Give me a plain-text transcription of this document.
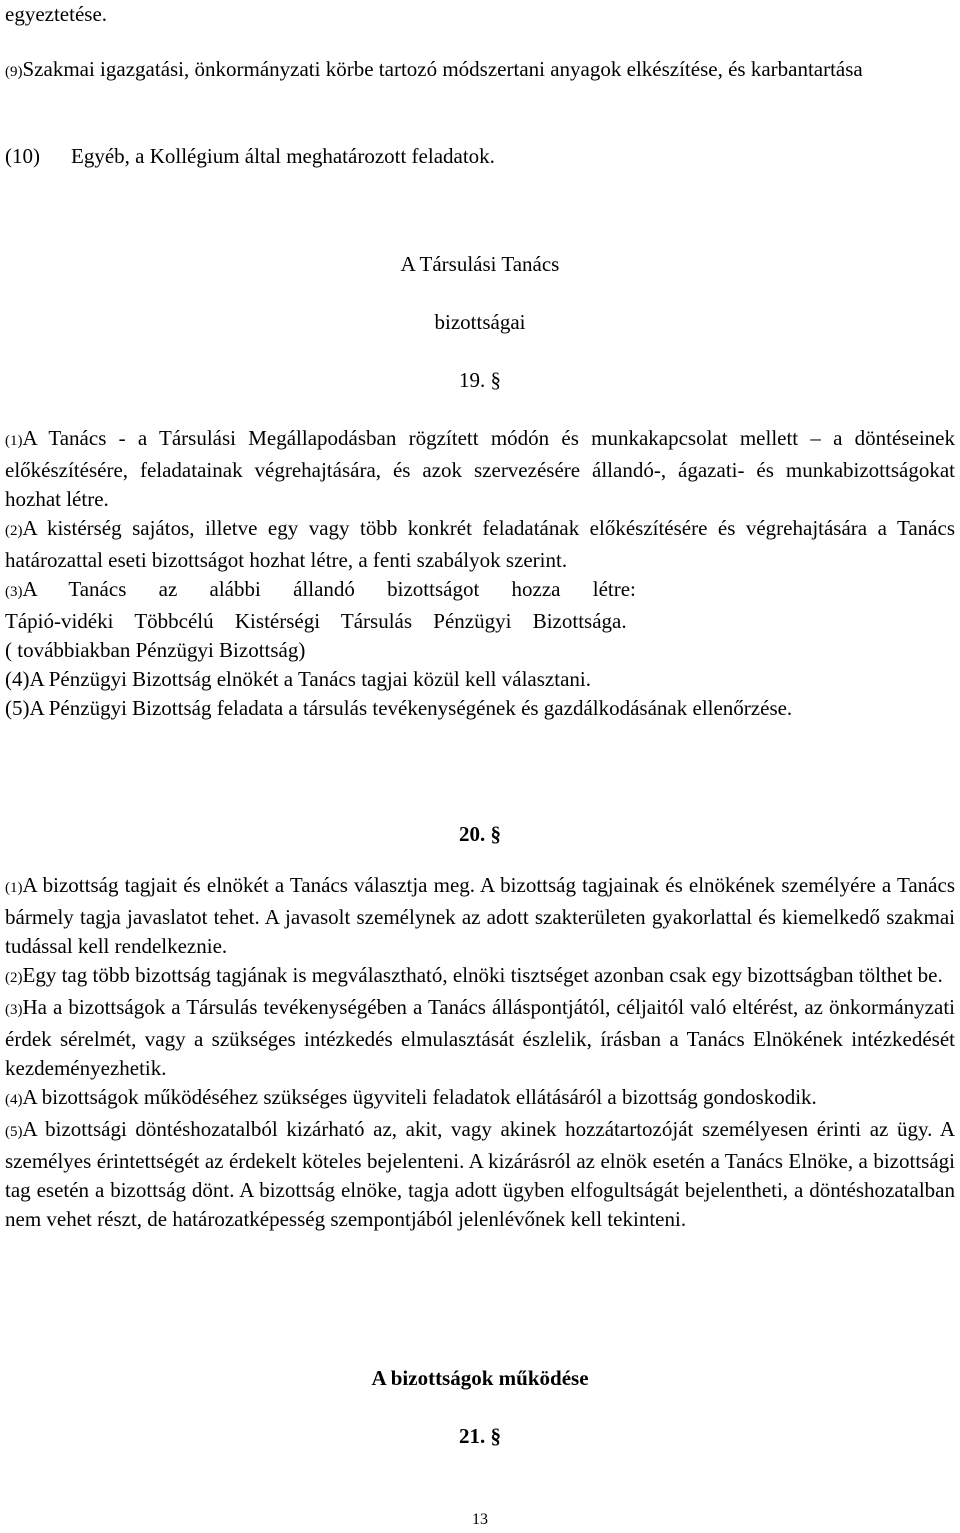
egyeztetése.

(9)Szakmai igazgatási, önkormányzati körbe tartozó módszertani anyagok elkészítése, és karbantartása

(10) Egyéb, a Kollégium által meghatározott feladatok.

A Társulási Tanács

bizottságai

19. §

(1)A Tanács - a Társulási Megállapodásban rögzített módón és munkakapcsolat mellett – a döntéseinek előkészítésére, feladatainak végrehajtására, és azok szervezésére állandó-, ágazati- és munkabizottságokat hozhat létre.

(2)A kistérség sajátos, illetve egy vagy több konkrét feladatának előkészítésére és végrehajtására a Tanács határozattal eseti bizottságot hozhat létre, a fenti szabályok szerint.

(3)A Tanács az alábbi állandó bizottságot hozza létre:

Tápió-vidéki Többcélú Kistérségi Társulás Pénzügyi Bizottsága.

( továbbiakban Pénzügyi Bizottság)

(4)A Pénzügyi Bizottság elnökét a Tanács tagjai közül kell választani.

(5)A Pénzügyi Bizottság feladata a társulás tevékenységének és gazdálkodásának ellenőrzése.

20. §

(1)A bizottság tagjait és elnökét a Tanács választja meg. A bizottság tagjainak és elnökének személyére a Tanács bármely tagja javaslatot tehet. A javasolt személynek az adott szakterületen gyakorlattal és kiemelkedő szakmai tudással kell rendelkeznie.

(2)Egy tag több bizottság tagjának is megválasztható, elnöki tisztséget azonban csak egy bizottságban tölthet be.

(3)Ha a bizottságok a Társulás tevékenységében a Tanács álláspontjától, céljaitól való eltérést, az önkormányzati érdek sérelmét, vagy a szükséges intézkedés elmulasztását észlelik, írásban a Tanács Elnökének intézkedését kezdeményezhetik.

(4)A bizottságok működéséhez szükséges ügyviteli feladatok ellátásáról a bizottság gondoskodik.

(5)A bizottsági döntéshozatalból kizárható az, akit, vagy akinek hozzátartozóját személyesen érinti az ügy. A személyes érintettségét az érdekelt köteles bejelenteni. A kizárásról az elnök esetén a Tanács Elnöke, a bizottsági tag esetén a bizottság dönt. A bizottság elnöke, tagja adott ügyben elfogultságát bejelentheti, a döntéshozatalban nem vehet részt, de határozatképesség szempontjából jelenlévőnek kell tekinteni.

A bizottságok működése

21. §

13
